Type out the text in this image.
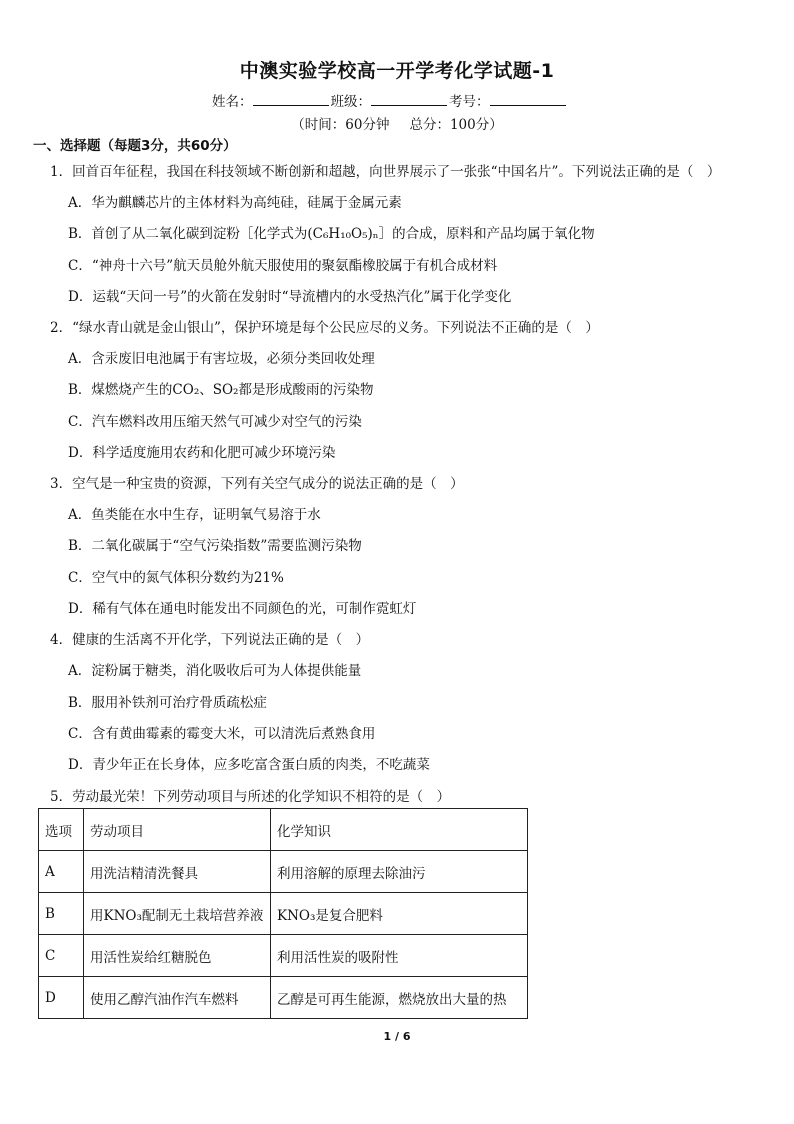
中澳实验学校高一开学考化学试题-1
姓名：	班级：	考号：
（时间：60分钟 总分：100分）
一、选择题（每题3分，共60分）
1．回首百年征程，我国在科技领域不断创新和超越，向世界展示了一张张“中国名片”。下列说法正确的是（　）
A．华为麒麟芯片的主体材料为高纯硅，硅属于金属元素
B．首创了从二氧化碳到淀粉［化学式为(C₆H₁₀O₅)ₙ］的合成，原料和产品均属于氧化物
C．“神舟十六号”航天员舱外航天服使用的聚氨酯橡胶属于有机合成材料
D．运载“天问一号”的火箭在发射时“导流槽内的水受热汽化”属于化学变化
2．“绿水青山就是金山银山”，保护环境是每个公民应尽的义务。下列说法不正确的是（　）
A．含汞废旧电池属于有害垃圾，必须分类回收处理
B．煤燃烧产生的CO₂、SO₂都是形成酸雨的污染物
C．汽车燃料改用压缩天然气可减少对空气的污染
D．科学适度施用农药和化肥可减少环境污染
3．空气是一种宝贵的资源，下列有关空气成分的说法正确的是（　）
A．鱼类能在水中生存，证明氧气易溶于水
B．二氧化碳属于“空气污染指数”需要监测污染物
C．空气中的氮气体积分数约为21%
D．稀有气体在通电时能发出不同颜色的光，可制作霓虹灯
4．健康的生活离不开化学，下列说法正确的是（　）
A．淀粉属于糖类，消化吸收后可为人体提供能量
B．服用补铁剂可治疗骨质疏松症
C．含有黄曲霉素的霉变大米，可以清洗后煮熟食用
D．青少年正在长身体，应多吃富含蛋白质的肉类，不吃蔬菜
5．劳动最光荣！下列劳动项目与所述的化学知识不相符的是（　）
选项	劳动项目	化学知识
A	用洗洁精清洗餐具	利用溶解的原理去除油污
B	用KNO₃配制无土栽培营养液	KNO₃是复合肥料
C	用活性炭给红糖脱色	利用活性炭的吸附性
D	使用乙醇汽油作汽车燃料	乙醇是可再生能源，燃烧放出大量的热
1 / 6
